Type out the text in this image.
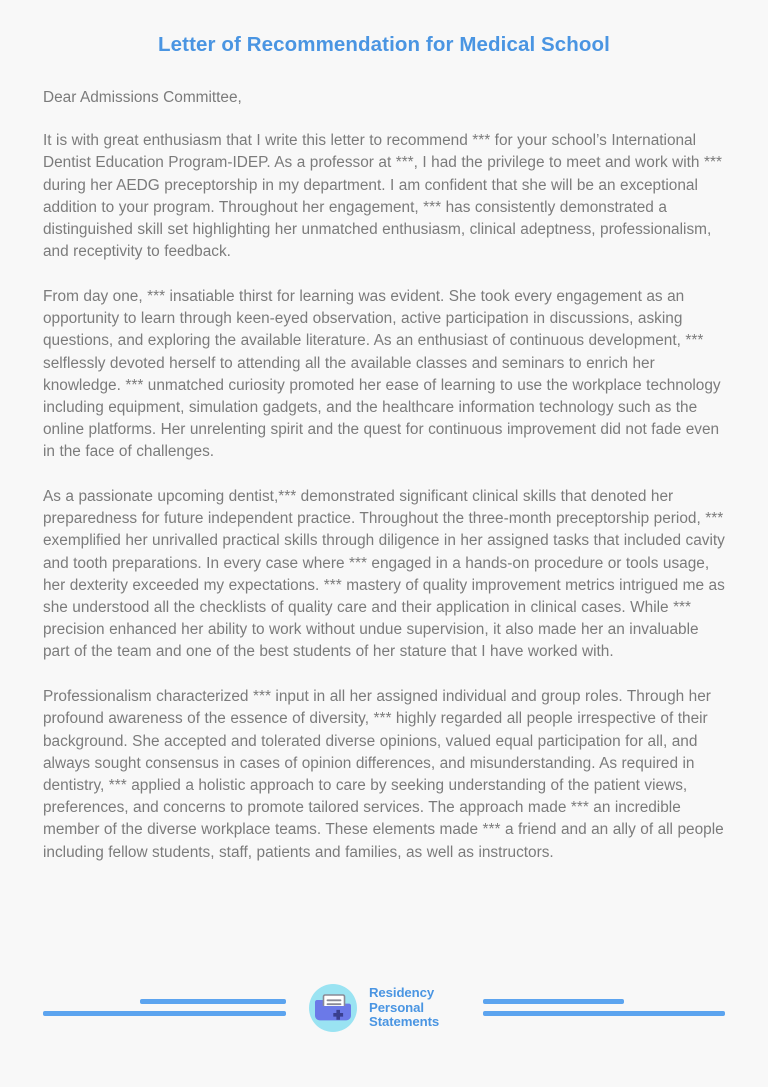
Letter of Recommendation for Medical School

Dear Admissions Committee,

It is with great enthusiasm that I write this letter to recommend *** for your school’s International Dentist Education Program-IDEP. As a professor at ***, I had the privilege to meet and work with *** during her AEDG preceptorship in my department. I am confident that she will be an exceptional addition to your program. Throughout her engagement, *** has consistently demonstrated a distinguished skill set highlighting her unmatched enthusiasm, clinical adeptness, professionalism, and receptivity to feedback.

From day one, *** insatiable thirst for learning was evident. She took every engagement as an opportunity to learn through keen-eyed observation, active participation in discussions, asking questions, and exploring the available literature. As an enthusiast of continuous development, *** selflessly devoted herself to attending all the available classes and seminars to enrich her knowledge. *** unmatched curiosity promoted her ease of learning to use the workplace technology including equipment, simulation gadgets, and the healthcare information technology such as the online platforms. Her unrelenting spirit and the quest for continuous improvement did not fade even in the face of challenges.

As a passionate upcoming dentist,*** demonstrated significant clinical skills that denoted her preparedness for future independent practice. Throughout the three-month preceptorship period, *** exemplified her unrivalled practical skills through diligence in her assigned tasks that included cavity and tooth preparations. In every case where *** engaged in a hands-on procedure or tools usage, her dexterity exceeded my expectations. *** mastery of quality improvement metrics intrigued me as she understood all the checklists of quality care and their application in clinical cases. While *** precision enhanced her ability to work without undue supervision, it also made her an invaluable part of the team and one of the best students of her stature that I have worked with.

Professionalism characterized *** input in all her assigned individual and group roles. Through her profound awareness of the essence of diversity, *** highly regarded all people irrespective of their background. She accepted and tolerated diverse opinions, valued equal participation for all, and always sought consensus in cases of opinion differences, and misunderstanding. As required in dentistry, *** applied a holistic approach to care by seeking understanding of the patient views, preferences, and concerns to promote tailored services. The approach made *** an incredible member of the diverse workplace teams. These elements made *** a friend and an ally of all people including fellow students, staff, patients and families, as well as instructors.

Residency
Personal
Statements
